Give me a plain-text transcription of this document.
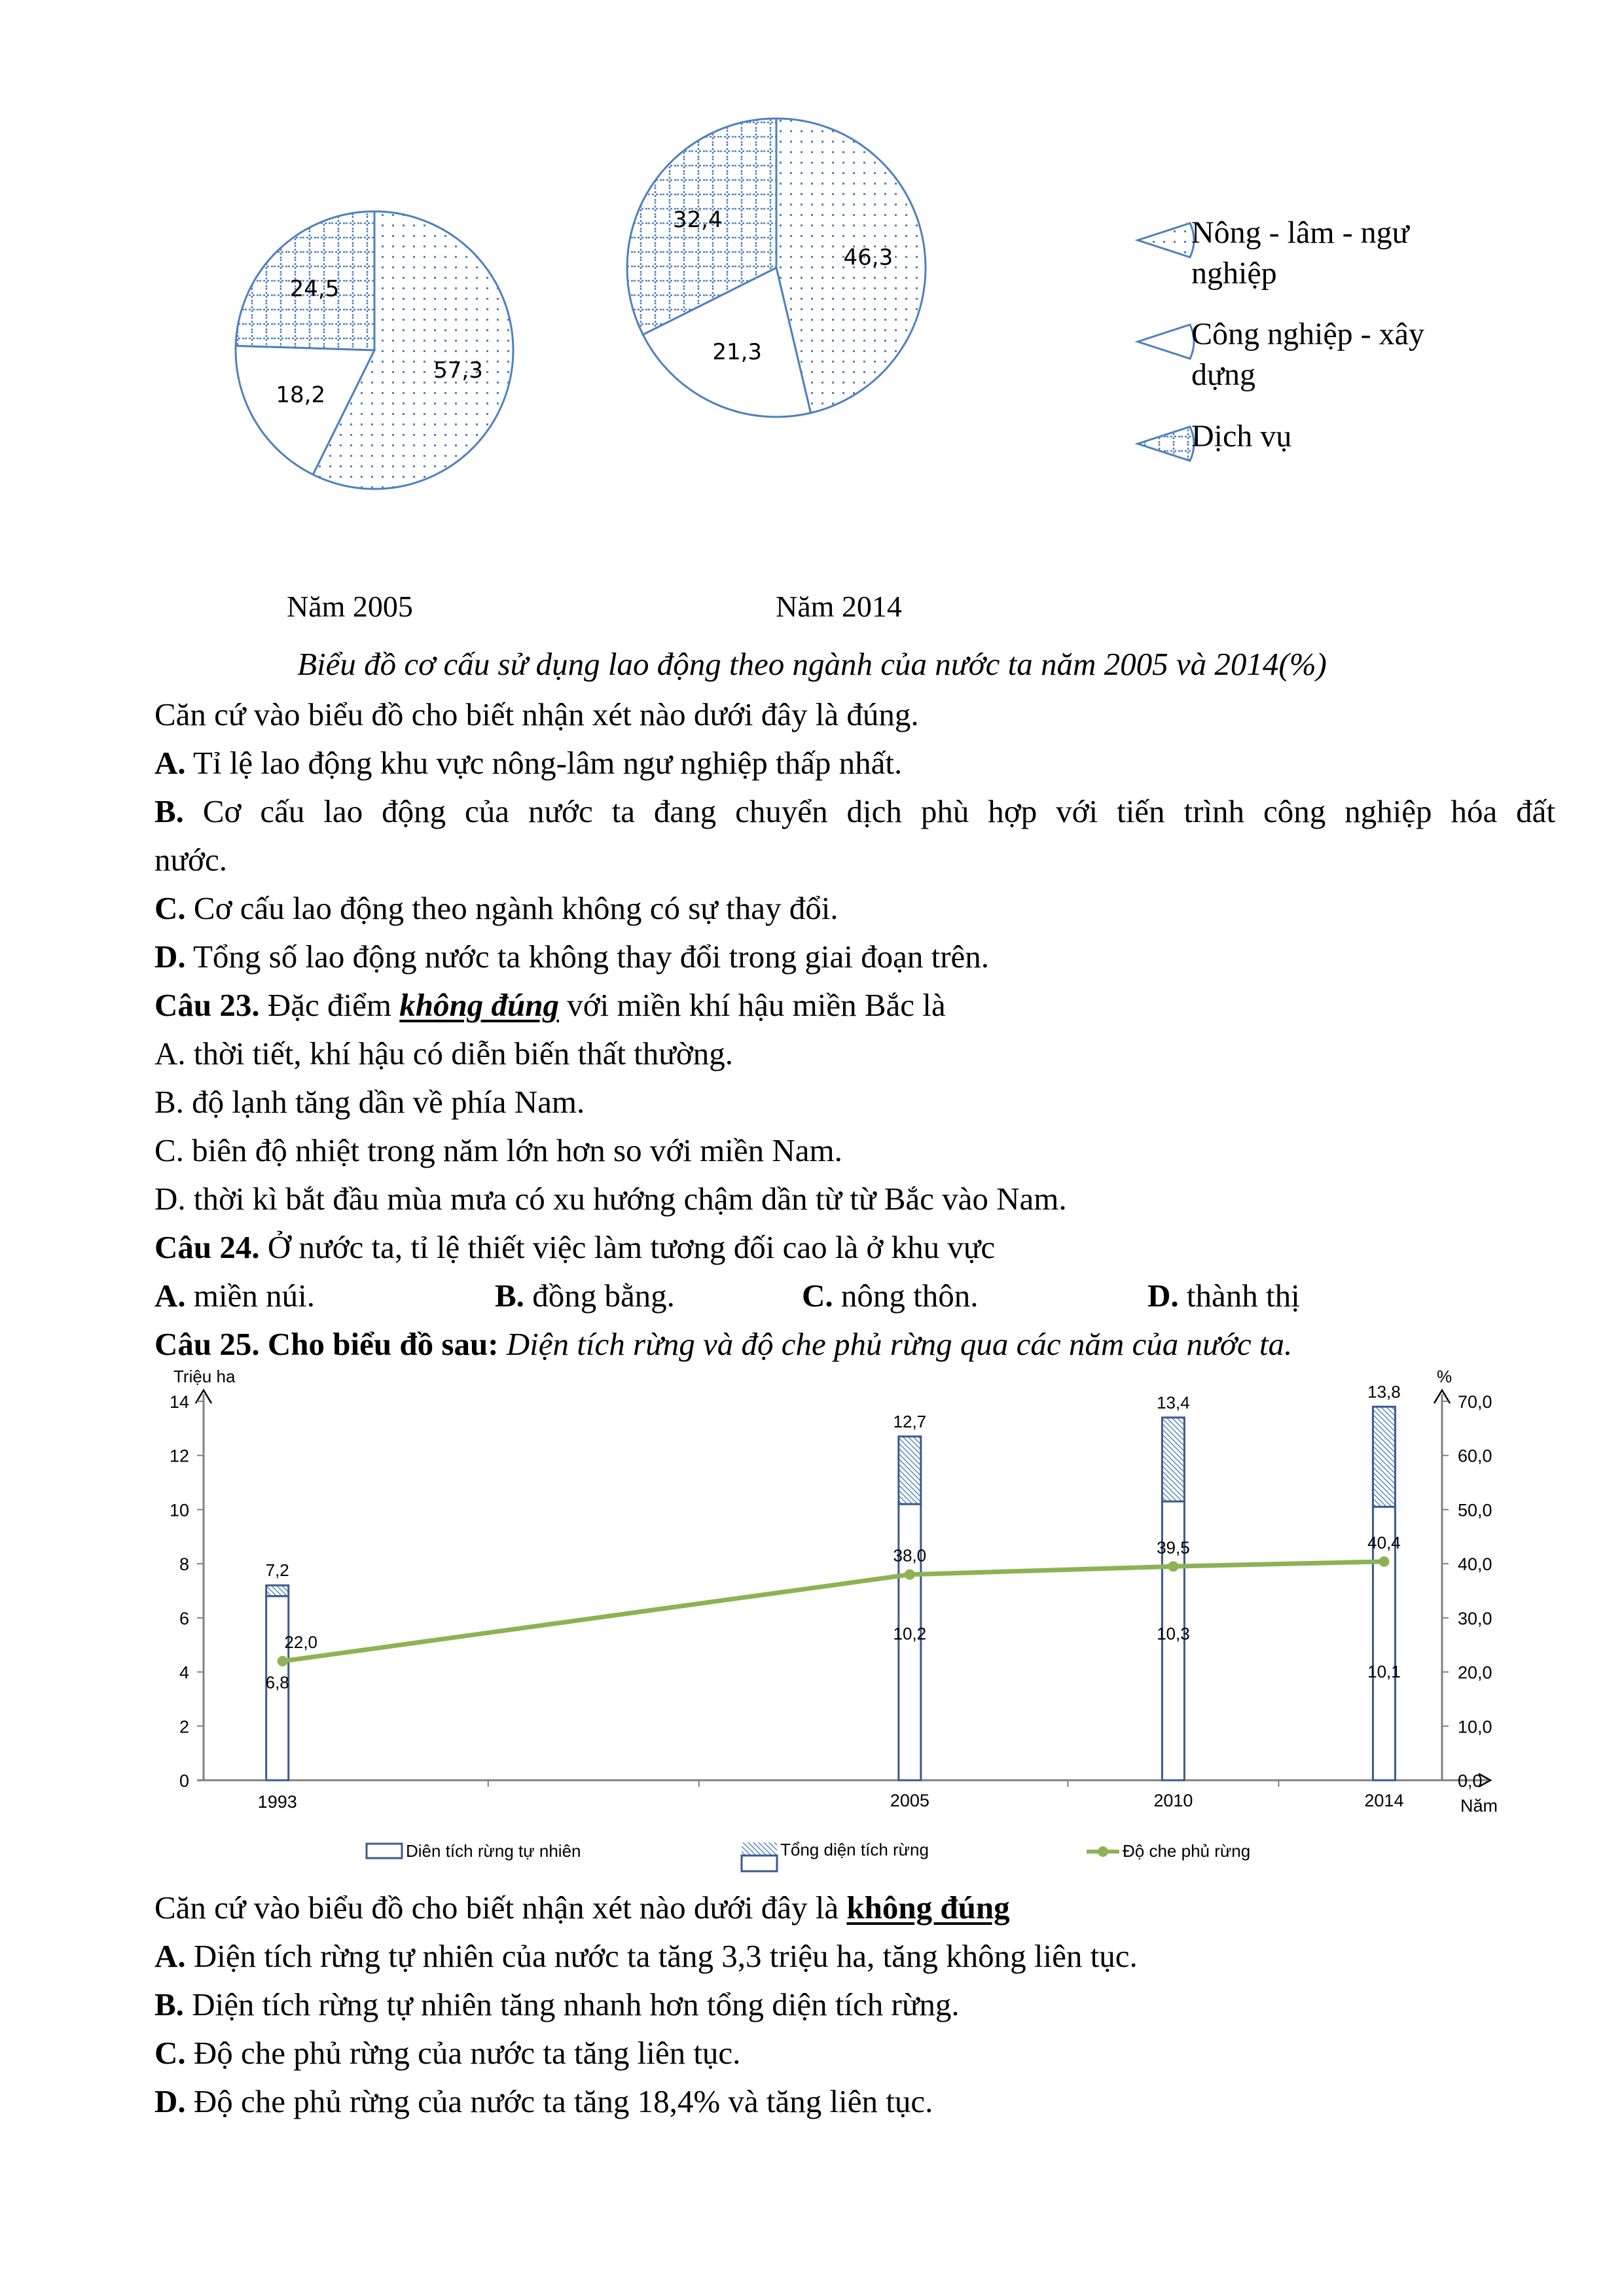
57,3
18,2
24,5
46,3
21,3
32,4	Nông - lâm - ngư
nghiệp
Công nghiệp - xây
dựng
Dịch vụ
Năm 2005	Năm 2014
Biểu đồ cơ cấu sử dụng lao động theo ngành của nước ta năm 2005 và 2014(%)
Căn cứ vào biểu đồ cho biết nhận xét nào dưới đây là đúng.
A. Tỉ lệ lao động khu vực nông-lâm ngư nghiệp thấp nhất.
B. Cơ cấu lao động của nước ta đang chuyển dịch phù hợp với tiến trình công nghiệp hóa đất
nước.
C. Cơ cấu lao động theo ngành không có sự thay đổi.
D. Tổng số lao động nước ta không thay đổi trong giai đoạn trên.
Câu 23. Đặc điểm không đúng với miền khí hậu miền Bắc là
A. thời tiết, khí hậu có diễn biến thất thường.
B. độ lạnh tăng dần về phía Nam.
C. biên độ nhiệt trong năm lớn hơn so với miền Nam.
D. thời kì bắt đầu mùa mưa có xu hướng chậm dần từ từ Bắc vào Nam.
Câu 24. Ở nước ta, tỉ lệ thiết việc làm tương đối cao là ở khu vực
A. miền núi.	B. đồng bằng.	C. nông thôn.	D. thành thị
Câu 25. Cho biểu đồ sau: Diện tích rừng và độ che phủ rừng qua các năm của nước ta.
0
2
4
6
8
10
12
14
0,0
10,0
20,0
30,0
40,0
50,0
60,0
70,0
Triệu ha	%
Năm
1993	2005	2010	2014
7,2
6,8
12,7
10,2
13,4
10,3
13,8
10,1
22,0
38,0	39,5	40,4
Diên tích rừng tự nhiên	Tổng diện tích rừng	Độ che phủ rừng
Căn cứ vào biểu đồ cho biết nhận xét nào dưới đây là không đúng
A. Diện tích rừng tự nhiên của nước ta tăng 3,3 triệu ha, tăng không liên tục.
B. Diện tích rừng tự nhiên tăng nhanh hơn tổng diện tích rừng.
C. Độ che phủ rừng của nước ta tăng liên tục.
D. Độ che phủ rừng của nước ta tăng 18,4% và tăng liên tục.
